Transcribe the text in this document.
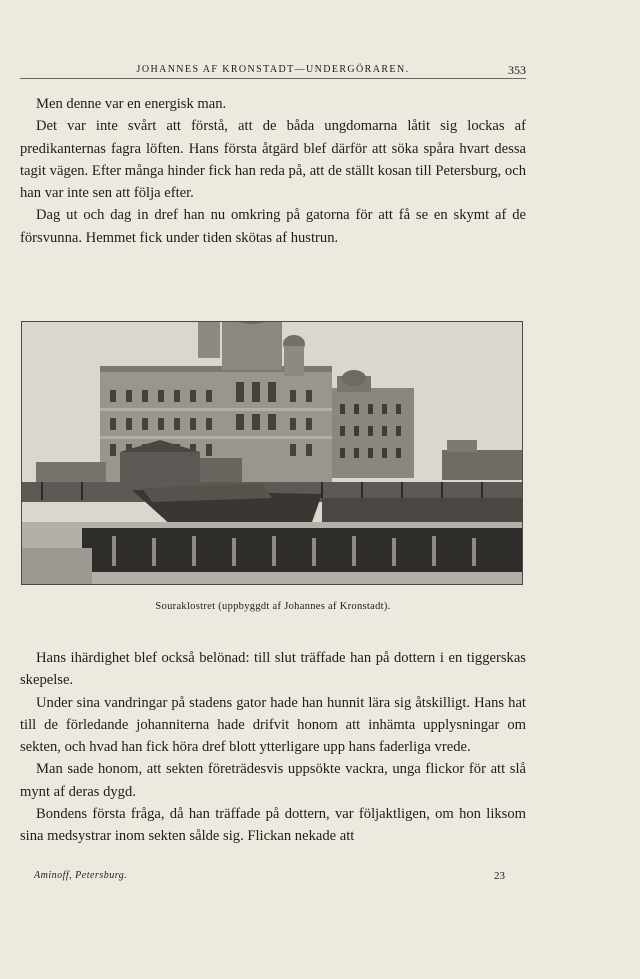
JOHANNES AF KRONSTADT—UNDERGÖRAREN.	353

Men denne var en energisk man.

Det var inte svårt att förstå, att de båda ungdomarna låtit sig lockas af predikanternas fagra löften. Hans första åtgärd blef därför att söka spåra hvart dessa tagit vägen. Efter många hinder fick han reda på, att de ställt kosan till Petersburg, och han var inte sen att följa efter.

Dag ut och dag in dref han nu omkring på gatorna för att få se en skymt af de försvunna. Hemmet fick under tiden skötas af hustrun.

Souraklostret (uppbyggdt af Johannes af Kronstadt).

Hans ihärdighet blef också belönad: till slut träffade han på dottern i en tiggerskas skepelse.

Under sina vandringar på stadens gator hade han hunnit lära sig åtskilligt. Hans hat till de förledande johanniterna hade drifvit honom att inhämta upplysningar om sekten, och hvad han fick höra dref blott ytterligare upp hans faderliga vrede.

Man sade honom, att sekten företrädesvis uppsökte vackra, unga flickor för att slå mynt af deras dygd.

Bondens första fråga, då han träffade på dottern, var följaktligen, om hon liksom sina medsystrar inom sekten sålde sig. Flickan nekade att

Aminoff, Petersburg.	23
